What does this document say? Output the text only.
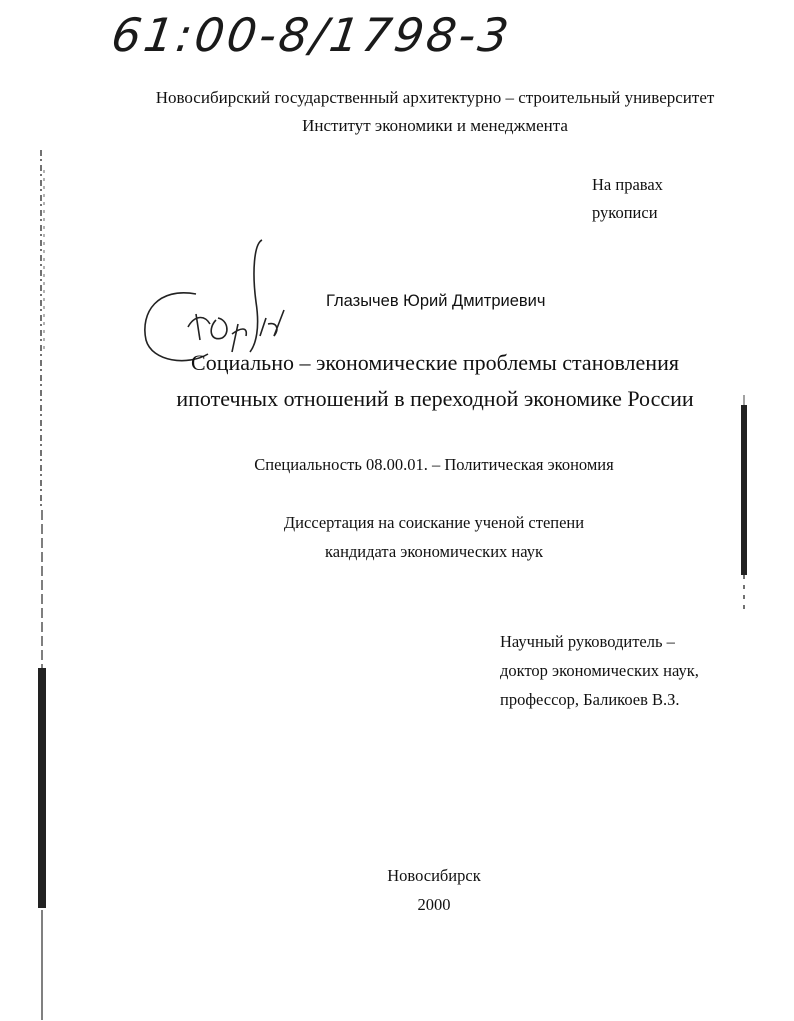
61:00-8/1798-3
Новосибирский государственный архитектурно – строительный университет
Институт экономики и менеджмента
На правах
рукописи
Глазычев Юрий Дмитриевич
Социально – экономические проблемы становления
ипотечных отношений в переходной экономике России
Специальность 08.00.01. – Политическая экономия
Диссертация на соискание ученой степени
кандидата экономических наук
Научный руководитель –
доктор экономических наук,
профессор, Баликоев В.З.
Новосибирск
2000
